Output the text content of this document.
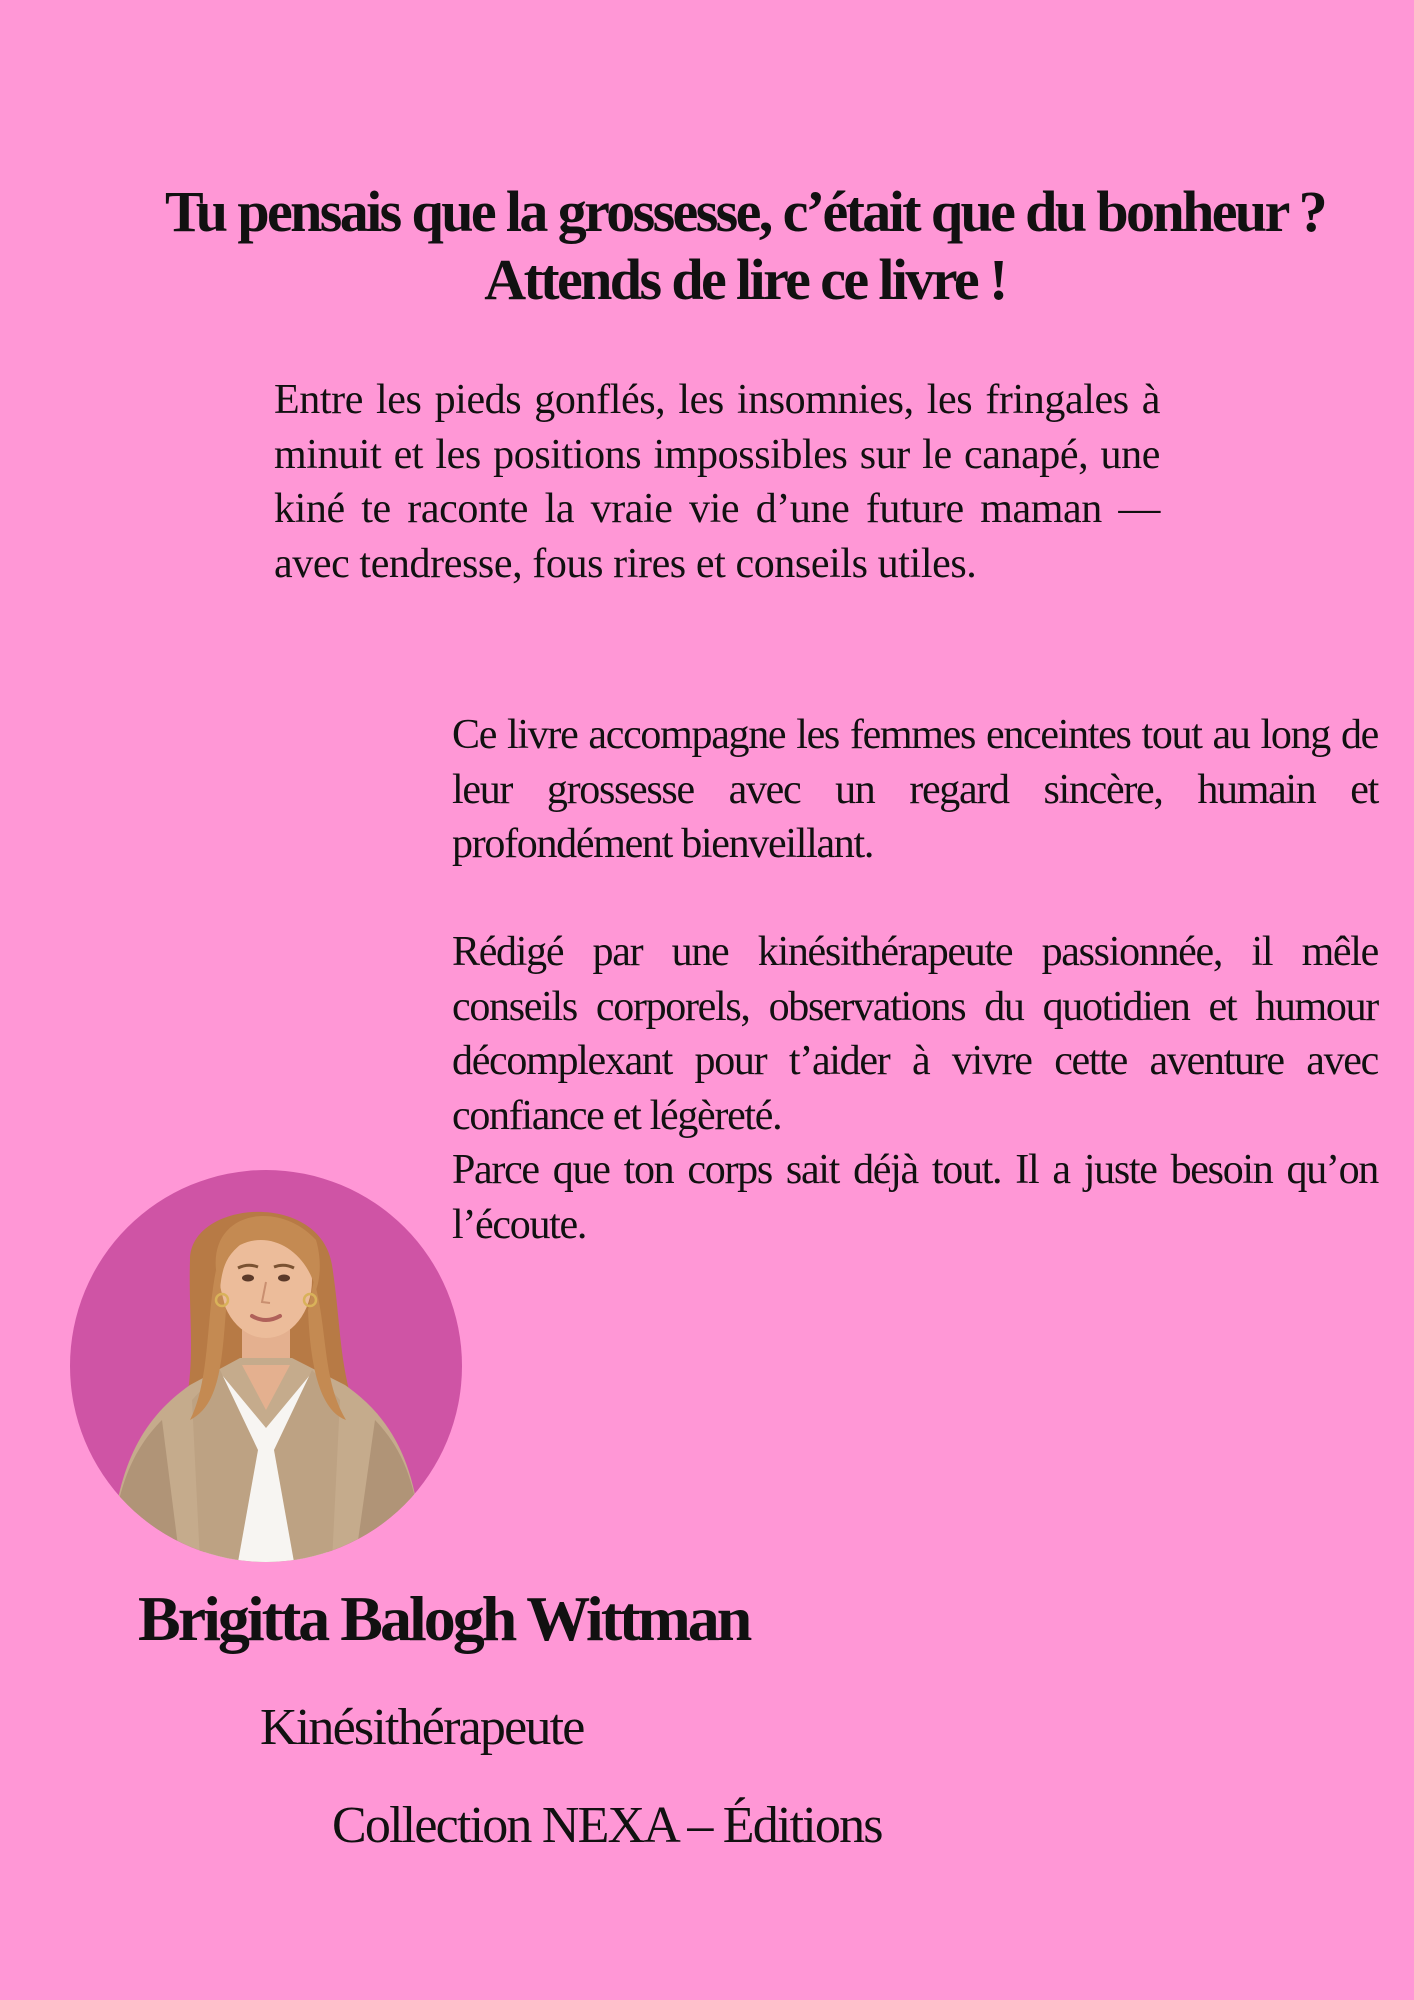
Tu pensais que la grossesse, c’était que du bonheur ?
Attends de lire ce livre !

Entre les pieds gonflés, les insomnies, les fringales à minuit et les positions impossibles sur le canapé, une kiné te raconte la vraie vie d’une future maman — avec tendresse, fous rires et conseils utiles.

Ce livre accompagne les femmes enceintes tout au long de leur grossesse avec un regard sincère, humain et profondément bienveillant.

Rédigé par une kinésithérapeute passionnée, il mêle conseils corporels, observations du quotidien et humour décomplexant pour t’aider à vivre cette aventure avec confiance et légèreté.
Parce que ton corps sait déjà tout. Il a juste besoin qu’on l’écoute.
Brigitta Balogh Wittman
Kinésithérapeute
Collection NEXA – Éditions
